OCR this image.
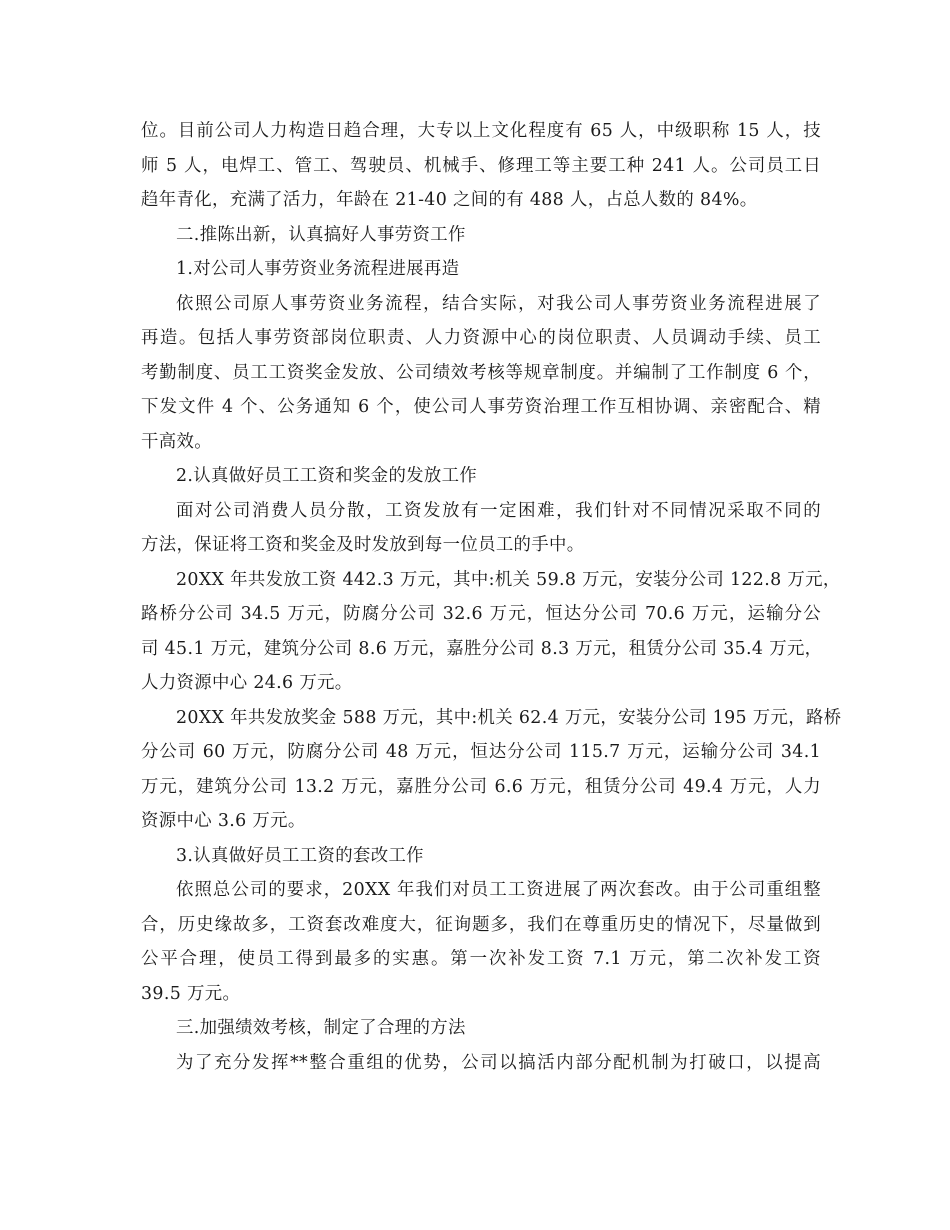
位。目前公司人力构造日趋合理，大专以上文化程度有 65 人，中级职称 15 人，技
师 5 人，电焊工、管工、驾驶员、机械手、修理工等主要工种 241 人。公司员工日
趋年青化，充满了活力，年龄在 21-40 之间的有 488 人，占总人数的 84%。
二.推陈出新，认真搞好人事劳资工作
1.对公司人事劳资业务流程进展再造
依照公司原人事劳资业务流程，结合实际，对我公司人事劳资业务流程进展了
再造。包括人事劳资部岗位职责、人力资源中心的岗位职责、人员调动手续、员工
考勤制度、员工工资奖金发放、公司绩效考核等规章制度。并编制了工作制度 6 个，
下发文件 4 个、公务通知 6 个，使公司人事劳资治理工作互相协调、亲密配合、精
干高效。
2.认真做好员工工资和奖金的发放工作
面对公司消费人员分散，工资发放有一定困难，我们针对不同情况采取不同的
方法，保证将工资和奖金及时发放到每一位员工的手中。
20XX 年共发放工资 442.3 万元，其中:机关 59.8 万元，安装分公司 122.8 万元，
路桥分公司 34.5 万元，防腐分公司 32.6 万元，恒达分公司 70.6 万元，运输分公
司 45.1 万元，建筑分公司 8.6 万元，嘉胜分公司 8.3 万元，租赁分公司 35.4 万元，
人力资源中心 24.6 万元。
20XX 年共发放奖金 588 万元，其中:机关 62.4 万元，安装分公司 195 万元，路桥
分公司 60 万元，防腐分公司 48 万元，恒达分公司 115.7 万元，运输分公司 34.1
万元，建筑分公司 13.2 万元，嘉胜分公司 6.6 万元，租赁分公司 49.4 万元，人力
资源中心 3.6 万元。
3.认真做好员工工资的套改工作
依照总公司的要求，20XX 年我们对员工工资进展了两次套改。由于公司重组整
合，历史缘故多，工资套改难度大，征询题多，我们在尊重历史的情况下，尽量做到
公平合理，使员工得到最多的实惠。第一次补发工资 7.1 万元，第二次补发工资
39.5 万元。
三.加强绩效考核，制定了合理的方法
为了充分发挥**整合重组的优势，公司以搞活内部分配机制为打破口，以提高
